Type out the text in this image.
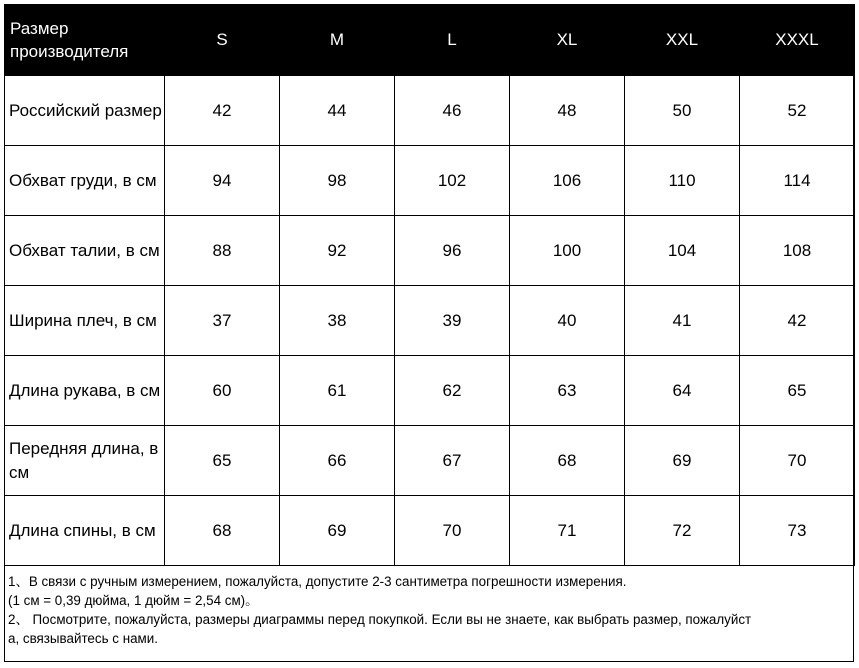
Размер производителя	S	M	L	XL	XXL	XXXL
Российский размер	42	44	46	48	50	52
Обхват груди, в см	94	98	102	106	110	114
Обхват талии, в см	88	92	96	100	104	108
Ширина плеч, в см	37	38	39	40	41	42
Длина рукава, в см	60	61	62	63	64	65
Передняя длина, в см	65	66	67	68	69	70
Длина спины, в см	68	69	70	71	72	73

1、В связи с ручным измерением, пожалуйста, допустите 2-3 сантиметра погрешности измерения.

(1 см = 0,39 дюйма, 1 дюйм = 2,54 см)。

2、 Посмотрите, пожалуйста, размеры диаграммы перед покупкой. Если вы не знаете, как выбрать размер, пожалуйст

а, связывайтесь с нами.
